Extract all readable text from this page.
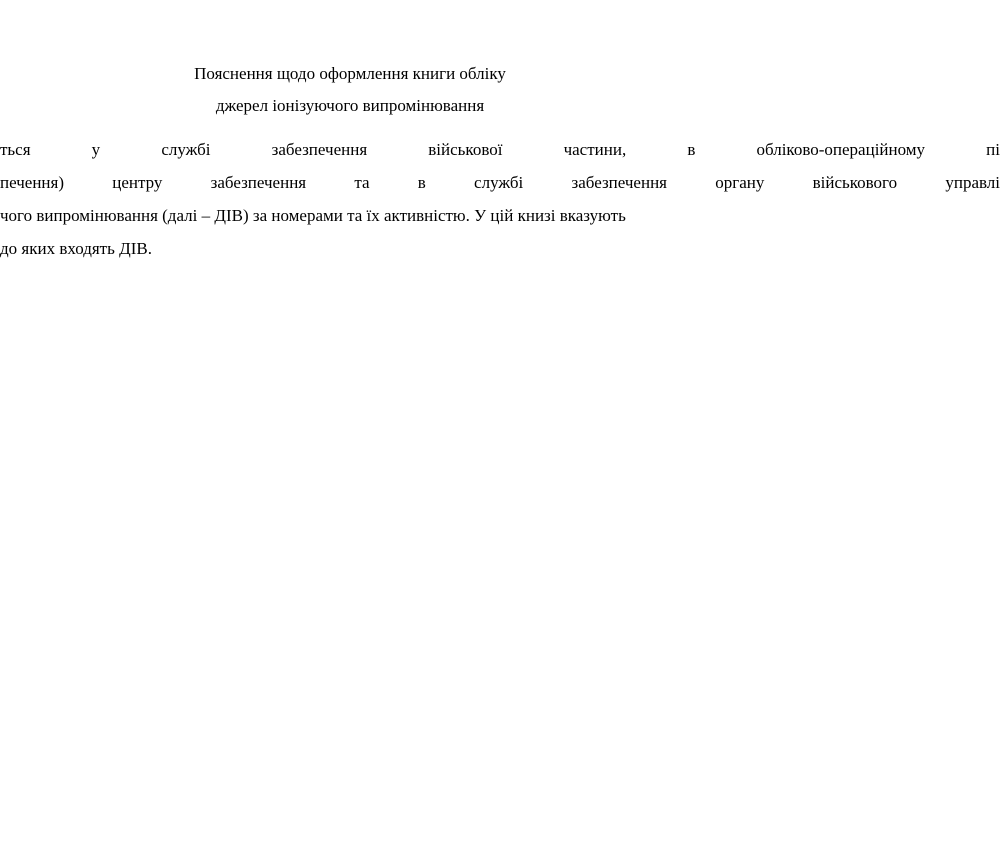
Пояснення щодо оформлення книги обліку

джерел іонізуючого випромінювання

ться у службі забезпечення військової частини, в обліково-операційному пі

печення) центру забезпечення та в службі забезпечення органу військового управлі

чого випромінювання (далі – ДІВ) за номерами та їх активністю. У цій книзі вказують

до яких входять ДІВ.
